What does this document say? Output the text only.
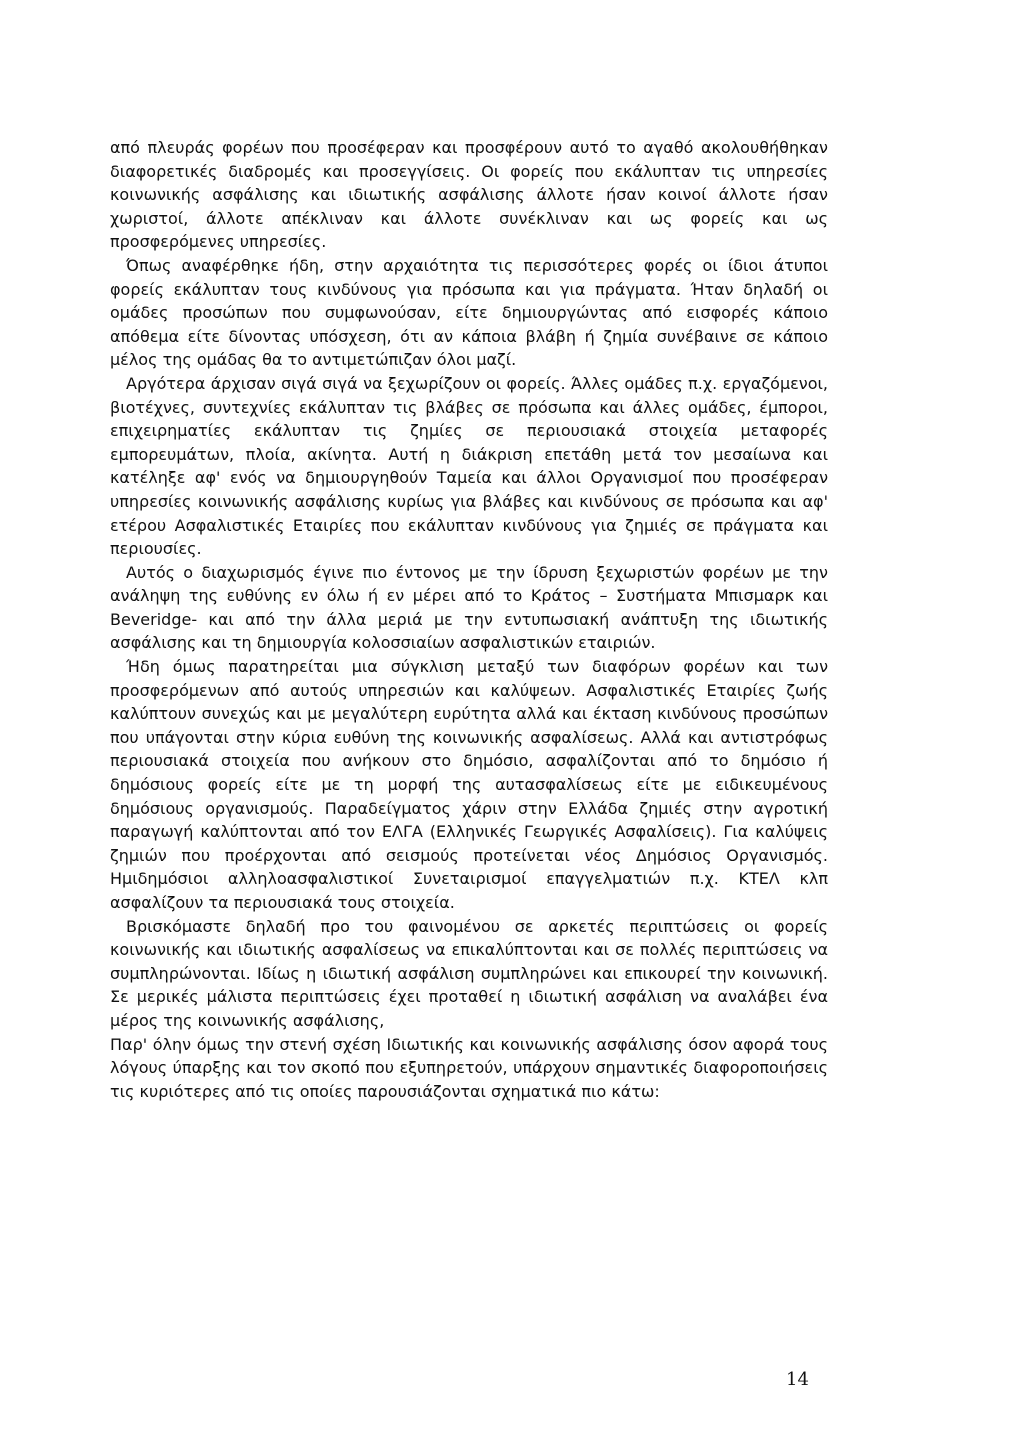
από πλευράς φορέων που προσέφεραν και προσφέρουν αυτό το αγαθό ακολουθήθηκαν διαφορετικές διαδρομές και προσεγγίσεις. Οι φορείς που εκάλυπταν τις υπηρεσίες κοινωνικής ασφάλισης και ιδιωτικής ασφάλισης άλλοτε ήσαν κοινοί άλλοτε ήσαν χωριστοί, άλλοτε απέκλιναν και άλλοτε συνέκλιναν και ως φορείς και ως προσφερόμενες υπηρεσίες.

Όπως αναφέρθηκε ήδη, στην αρχαιότητα τις περισσότερες φορές οι ίδιοι άτυποι φορείς εκάλυπταν τους κινδύνους για πρόσωπα και για πράγματα. Ήταν δηλαδή οι ομάδες προσώπων που συμφωνούσαν, είτε δημιουργώντας από εισφορές κάποιο απόθεμα είτε δίνοντας υπόσχεση, ότι αν κάποια βλάβη ή ζημία συνέβαινε σε κάποιο μέλος της ομάδας θα το αντιμετώπιζαν όλοι μαζί.

Αργότερα άρχισαν σιγά σιγά να ξεχωρίζουν οι φορείς. Άλλες ομάδες π.χ. εργαζόμενοι, βιοτέχνες, συντεχνίες εκάλυπταν τις βλάβες σε πρόσωπα και άλλες ομάδες, έμποροι, επιχειρηματίες εκάλυπταν τις ζημίες σε περιουσιακά στοιχεία μεταφορές εμπορευμάτων, πλοία, ακίνητα. Αυτή η διάκριση επετάθη μετά τον μεσαίωνα και κατέληξε αφ' ενός να δημιουργηθούν Ταμεία και άλλοι Οργανισμοί που προσέφεραν υπηρεσίες κοινωνικής ασφάλισης κυρίως για βλάβες και κινδύνους σε πρόσωπα και αφ' ετέρου Ασφαλιστικές Εταιρίες που εκάλυπταν κινδύνους για ζημιές σε πράγματα και περιουσίες.

Αυτός ο διαχωρισμός έγινε πιο έντονος με την ίδρυση ξεχωριστών φορέων με την ανάληψη της ευθύνης εν όλω ή εν μέρει από το Κράτος – Συστήματα Μπισμαρκ και Beveridge- και από την άλλα μεριά με την εντυπωσιακή ανάπτυξη της ιδιωτικής ασφάλισης και τη δημιουργία κολοσσιαίων ασφαλιστικών εταιριών.

Ήδη όμως παρατηρείται μια σύγκλιση μεταξύ των διαφόρων φορέων και των προσφερόμενων από αυτούς υπηρεσιών και καλύψεων. Ασφαλιστικές Εταιρίες ζωής καλύπτουν συνεχώς και με μεγαλύτερη ευρύτητα αλλά και έκταση κινδύνους προσώπων που υπάγονται στην κύρια ευθύνη της κοινωνικής ασφαλίσεως. Αλλά και αντιστρόφως περιουσιακά στοιχεία που ανήκουν στο δημόσιο, ασφαλίζονται από το δημόσιο ή δημόσιους φορείς είτε με τη μορφή της αυτασφαλίσεως είτε με ειδικευμένους δημόσιους οργανισμούς. Παραδείγματος χάριν στην Ελλάδα ζημιές στην αγροτική παραγωγή καλύπτονται από τον ΕΛΓΑ (Ελληνικές Γεωργικές Ασφαλίσεις). Για καλύψεις ζημιών που προέρχονται από σεισμούς προτείνεται νέος Δημόσιος Οργανισμός. Ημιδημόσιοι αλληλοασφαλιστικοί Συνεταιρισμοί επαγγελματιών π.χ. ΚΤΕΛ κλπ ασφαλίζουν τα περιουσιακά τους στοιχεία.

Βρισκόμαστε δηλαδή προ του φαινομένου σε αρκετές περιπτώσεις οι φορείς κοινωνικής και ιδιωτικής ασφαλίσεως να επικαλύπτονται και σε πολλές περιπτώσεις να συμπληρώνονται. Ιδίως η ιδιωτική ασφάλιση συμπληρώνει και επικουρεί την κοινωνική. Σε μερικές μάλιστα περιπτώσεις έχει προταθεί η ιδιωτική ασφάλιση να αναλάβει ένα μέρος της κοινωνικής ασφάλισης,

Παρ' όλην όμως την στενή σχέση Ιδιωτικής και κοινωνικής ασφάλισης όσον αφορά τους λόγους ύπαρξης και τον σκοπό που εξυπηρετούν, υπάρχουν σημαντικές διαφοροποιήσεις τις κυριότερες από τις οποίες παρουσιάζονται σχηματικά πιο κάτω:

14
